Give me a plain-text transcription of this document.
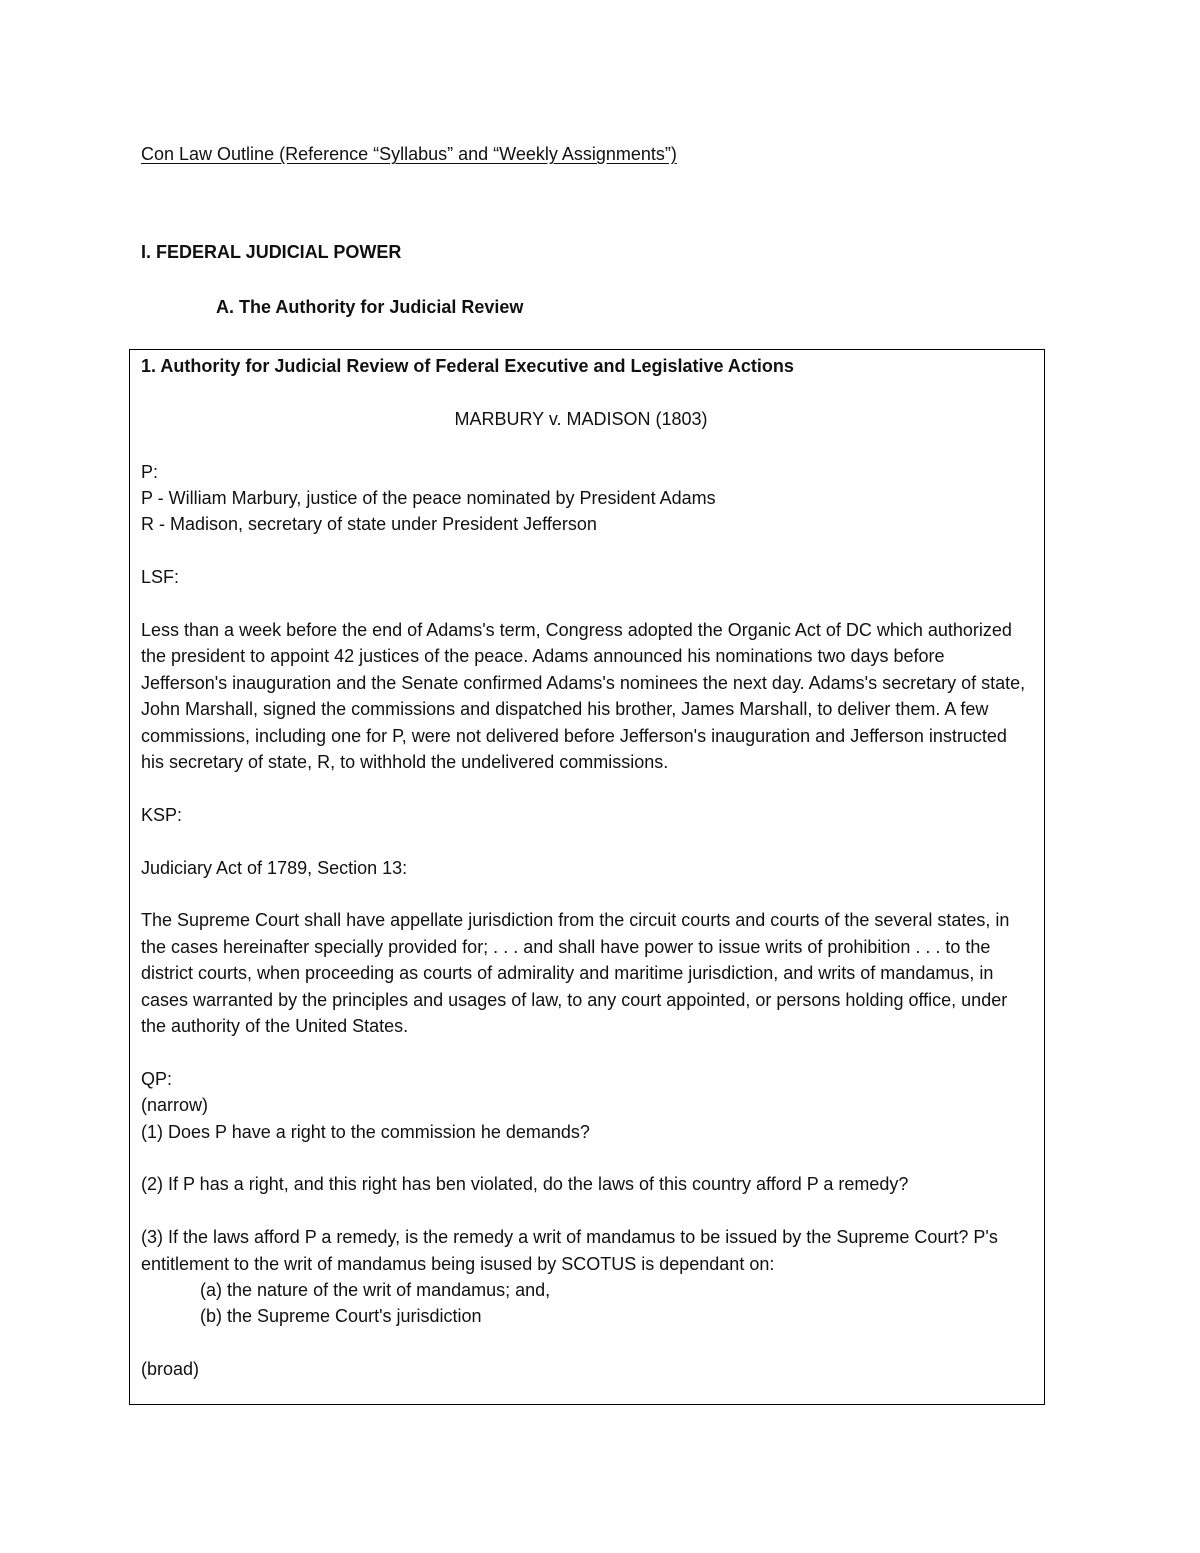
Con Law Outline (Reference “Syllabus” and “Weekly Assignments”)
I. FEDERAL JUDICIAL POWER
A. The Authority for Judicial Review
1. Authority for Judicial Review of Federal Executive and Legislative Actions
MARBURY v. MADISON (1803)
P:
P - William Marbury, justice of the peace nominated by President Adams
R - Madison, secretary of state under President Jefferson
LSF:
Less than a week before the end of Adams's term, Congress adopted the Organic Act of DC which authorized the president to appoint 42 justices of the peace. Adams announced his nominations two days before Jefferson's inauguration and the Senate confirmed Adams's nominees the next day. Adams's secretary of state, John Marshall, signed the commissions and dispatched his brother, James Marshall, to deliver them. A few commissions, including one for P, were not delivered before Jefferson's inauguration and Jefferson instructed his secretary of state, R, to withhold the undelivered commissions.
KSP:
Judiciary Act of 1789, Section 13:
The Supreme Court shall have appellate jurisdiction from the circuit courts and courts of the several states, in the cases hereinafter specially provided for; . . . and shall have power to issue writs of prohibition . . . to the district courts, when proceeding as courts of admirality and maritime jurisdiction, and writs of mandamus, in cases warranted by the principles and usages of law, to any court appointed, or persons holding office, under the authority of the United States.
QP:
(narrow)
(1) Does P have a right to the commission he demands?
(2) If P has a right, and this right has ben violated, do the laws of this country afford P a remedy?
(3) If the laws afford P a remedy, is the remedy a writ of mandamus to be issued by the Supreme Court? P's entitlement to the writ of mandamus being isused by SCOTUS is dependant on:
(a) the nature of the writ of mandamus; and,
(b) the Supreme Court's jurisdiction
(broad)
